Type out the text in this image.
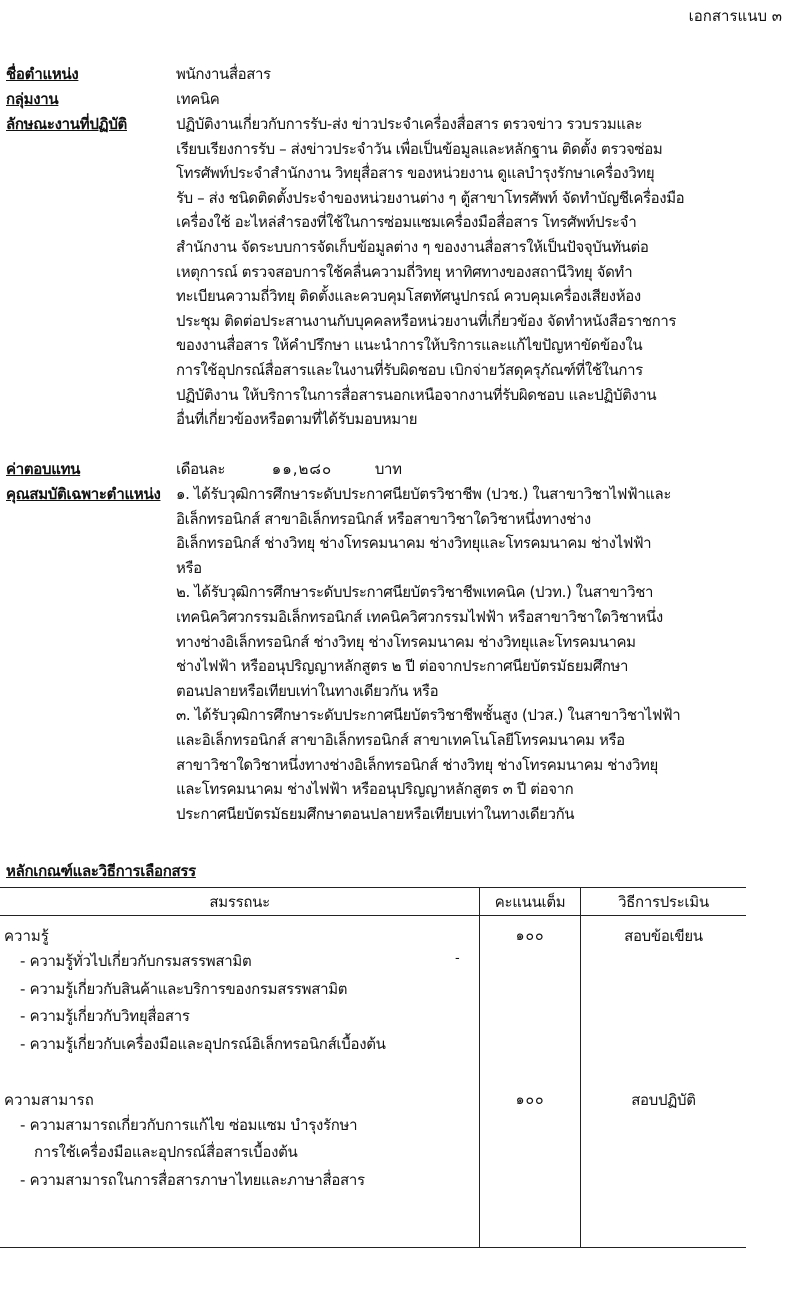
เอกสารแนบ ๓
ชื่อตำแหน่ง	พนักงานสื่อสาร
กลุ่มงาน	เทคนิค
ลักษณะงานที่ปฏิบัติ	ปฏิบัติงานเกี่ยวกับการรับ-ส่ง ข่าวประจำเครื่องสื่อสาร ตรวจข่าว รวบรวมและ
เรียบเรียงการรับ – ส่งข่าวประจำวัน เพื่อเป็นข้อมูลและหลักฐาน ติดตั้ง ตรวจซ่อม
โทรศัพท์ประจำสำนักงาน วิทยุสื่อสาร ของหน่วยงาน ดูแลบำรุงรักษาเครื่องวิทยุ
รับ – ส่ง ชนิดติดตั้งประจำของหน่วยงานต่าง ๆ ตู้สาขาโทรศัพท์ จัดทำบัญชีเครื่องมือ
เครื่องใช้ อะไหล่สำรองที่ใช้ในการซ่อมแซมเครื่องมือสื่อสาร โทรศัพท์ประจำ
สำนักงาน จัดระบบการจัดเก็บข้อมูลต่าง ๆ ของงานสื่อสารให้เป็นปัจจุบันทันต่อ
เหตุการณ์ ตรวจสอบการใช้คลื่นความถี่วิทยุ หาทิศทางของสถานีวิทยุ จัดทำ
ทะเบียนความถี่วิทยุ ติดตั้งและควบคุมโสตทัศนูปกรณ์ ควบคุมเครื่องเสียงห้อง
ประชุม ติดต่อประสานงานกับบุคคลหรือหน่วยงานที่เกี่ยวข้อง จัดทำหนังสือราชการ
ของงานสื่อสาร ให้คำปรึกษา แนะนำการให้บริการและแก้ไขปัญหาขัดข้องใน
การใช้อุปกรณ์สื่อสารและในงานที่รับผิดชอบ เบิกจ่ายวัสดุครุภัณฑ์ที่ใช้ในการ
ปฏิบัติงาน ให้บริการในการสื่อสารนอกเหนือจากงานที่รับผิดชอบ และปฏิบัติงาน
อื่นที่เกี่ยวข้องหรือตามที่ได้รับมอบหมาย
ค่าตอบแทน	เดือนละ	๑๑,๒๘๐	บาท
คุณสมบัติเฉพาะตำแหน่ง	๑. ได้รับวุฒิการศึกษาระดับประกาศนียบัตรวิชาชีพ (ปวช.) ในสาขาวิชาไฟฟ้าและ
อิเล็กทรอนิกส์ สาขาอิเล็กทรอนิกส์ หรือสาขาวิชาใดวิชาหนึ่งทางช่าง
อิเล็กทรอนิกส์ ช่างวิทยุ ช่างโทรคมนาคม ช่างวิทยุและโทรคมนาคม ช่างไฟฟ้า
หรือ
๒. ได้รับวุฒิการศึกษาระดับประกาศนียบัตรวิชาชีพเทคนิค (ปวท.) ในสาขาวิชา
เทคนิควิศวกรรมอิเล็กทรอนิกส์ เทคนิควิศวกรรมไฟฟ้า หรือสาขาวิชาใดวิชาหนึ่ง
ทางช่างอิเล็กทรอนิกส์ ช่างวิทยุ ช่างโทรคมนาคม ช่างวิทยุและโทรคมนาคม
ช่างไฟฟ้า หรืออนุปริญญาหลักสูตร ๒ ปี ต่อจากประกาศนียบัตรมัธยมศึกษา
ตอนปลายหรือเทียบเท่าในทางเดียวกัน หรือ
๓. ได้รับวุฒิการศึกษาระดับประกาศนียบัตรวิชาชีพชั้นสูง (ปวส.) ในสาขาวิชาไฟฟ้า
และอิเล็กทรอนิกส์ สาขาอิเล็กทรอนิกส์ สาขาเทคโนโลยีโทรคมนาคม หรือ
สาขาวิชาใดวิชาหนึ่งทางช่างอิเล็กทรอนิกส์ ช่างวิทยุ ช่างโทรคมนาคม ช่างวิทยุ
และโทรคมนาคม ช่างไฟฟ้า หรืออนุปริญญาหลักสูตร ๓ ปี ต่อจาก
ประกาศนียบัตรมัธยมศึกษาตอนปลายหรือเทียบเท่าในทางเดียวกัน
หลักเกณฑ์และวิธีการเลือกสรร
สมรรถนะ	คะแนนเต็ม	วิธีการประเมิน

ความรู้
- ความรู้ทั่วไปเกี่ยวกับกรมสรรพสามิต
- ความรู้เกี่ยวกับสินค้าและบริการของกรมสรรพสามิต
- ความรู้เกี่ยวกับวิทยุสื่อสาร
- ความรู้เกี่ยวกับเครื่องมือและอุปกรณ์อิเล็กทรอนิกส์เบื้องต้น	๑๐๐	สอบข้อเขียน

ความสามารถ
- ความสามารถเกี่ยวกับการแก้ไข ซ่อมแซม บำรุงรักษา
การใช้เครื่องมือและอุปกรณ์สื่อสารเบื้องต้น
- ความสามารถในการสื่อสารภาษาไทยและภาษาสื่อสาร	๑๐๐	สอบปฏิบัติ
-
